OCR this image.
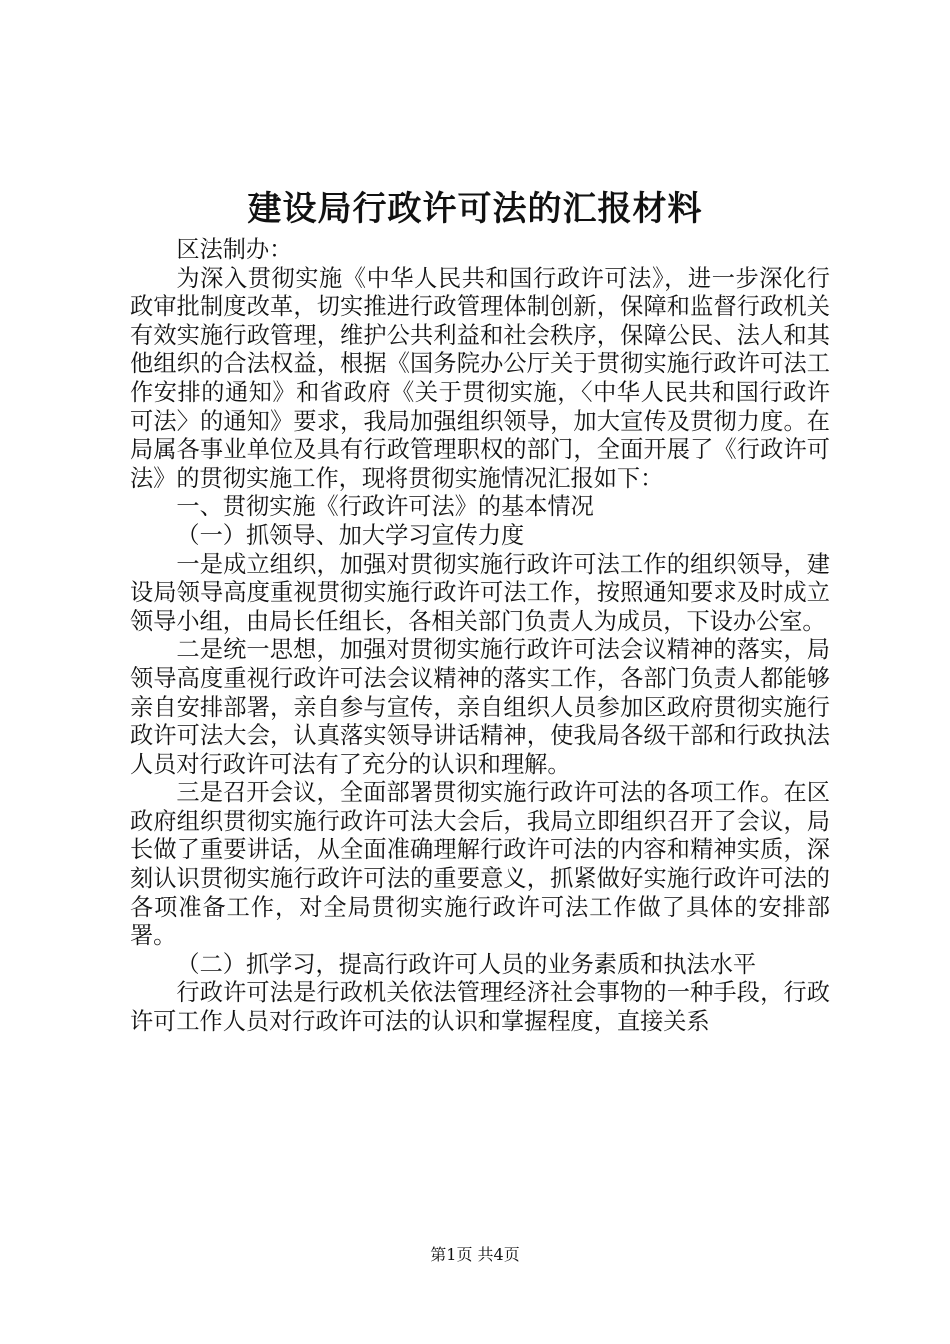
建设局行政许可法的汇报材料

区法制办：

为深入贯彻实施《中华人民共和国行政许可法》，进一步深化行政审批制度改革，切实推进行政管理体制创新，保障和监督行政机关有效实施行政管理，维护公共利益和社会秩序，保障公民、法人和其他组织的合法权益，根据《国务院办公厅关于贯彻实施行政许可法工作安排的通知》和省政府《关于贯彻实施，〈中华人民共和国行政许可法〉的通知》要求，我局加强组织领导，加大宣传及贯彻力度。在局属各事业单位及具有行政管理职权的部门，全面开展了《行政许可法》的贯彻实施工作，现将贯彻实施情况汇报如下：

一、贯彻实施《行政许可法》的基本情况

（一）抓领导、加大学习宣传力度

一是成立组织，加强对贯彻实施行政许可法工作的组织领导，建设局领导高度重视贯彻实施行政许可法工作，按照通知要求及时成立领导小组，由局长任组长，各相关部门负责人为成员，下设办公室。

二是统一思想，加强对贯彻实施行政许可法会议精神的落实，局领导高度重视行政许可法会议精神的落实工作，各部门负责人都能够亲自安排部署，亲自参与宣传，亲自组织人员参加区政府贯彻实施行政许可法大会，认真落实领导讲话精神，使我局各级干部和行政执法人员对行政许可法有了充分的认识和理解。

三是召开会议，全面部署贯彻实施行政许可法的各项工作。在区政府组织贯彻实施行政许可法大会后，我局立即组织召开了会议，局长做了重要讲话，从全面准确理解行政许可法的内容和精神实质，深刻认识贯彻实施行政许可法的重要意义，抓紧做好实施行政许可法的各项准备工作，对全局贯彻实施行政许可法工作做了具体的安排部署。

（二）抓学习，提高行政许可人员的业务素质和执法水平

行政许可法是行政机关依法管理经济社会事物的一种手段，行政许可工作人员对行政许可法的认识和掌握程度，直接关系

第1页 共4页
